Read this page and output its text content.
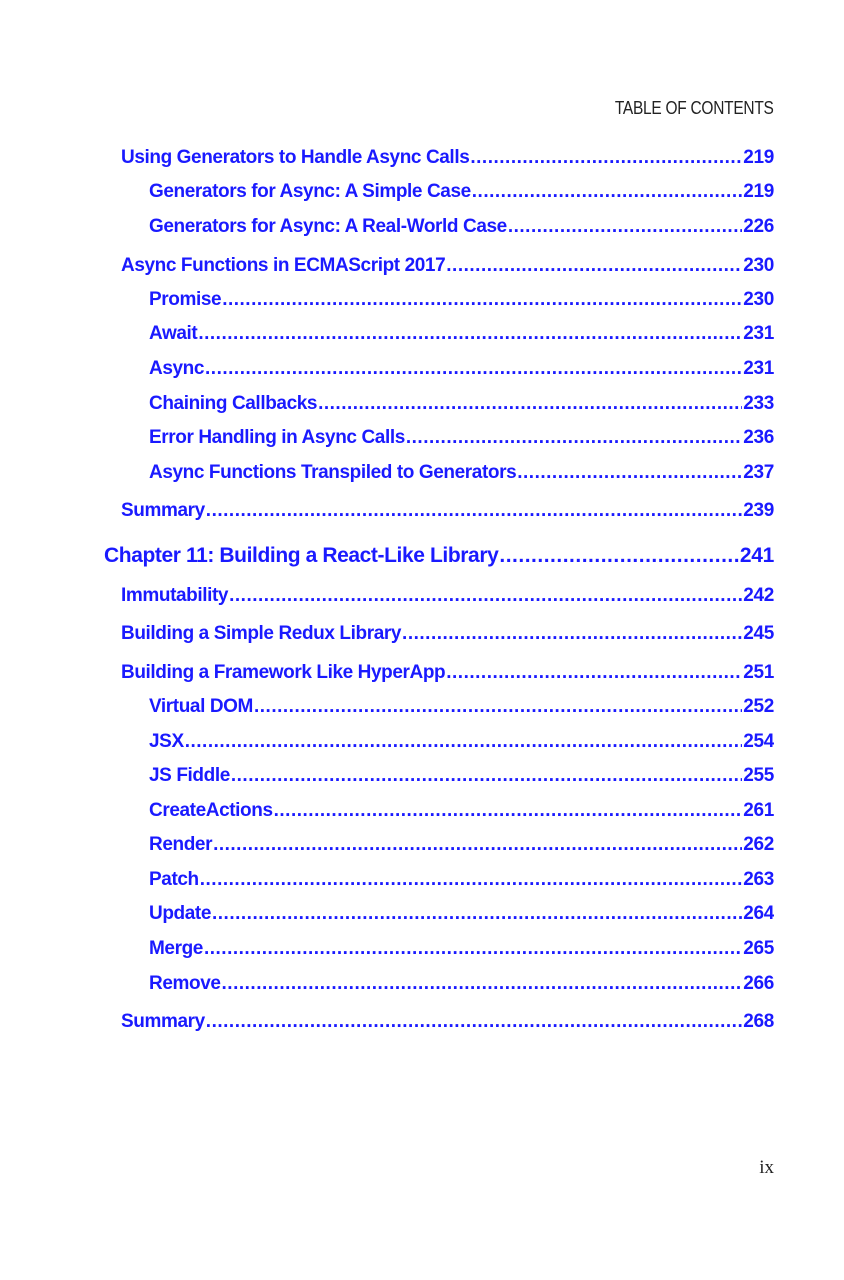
TABLE OF CONTENTS
Using Generators to Handle Async Calls .....	219
Generators for Async: A Simple Case .....	219
Generators for Async: A Real-World Case .....	226
Async Functions in ECMAScript 2017 .....	230
Promise .....	230
Await .....	231
Async .....	231
Chaining Callbacks .....	233
Error Handling in Async Calls .....	236
Async Functions Transpiled to Generators .....	237
Summary .....	239
Chapter 11: Building a React-Like Library .....	241
Immutability .....	242
Building a Simple Redux Library .....	245
Building a Framework Like HyperApp .....	251
Virtual DOM .....	252
JSX .....	254
JS Fiddle .....	255
CreateActions .....	261
Render .....	262
Patch .....	263
Update .....	264
Merge .....	265
Remove .....	266
Summary .....	268
ix
